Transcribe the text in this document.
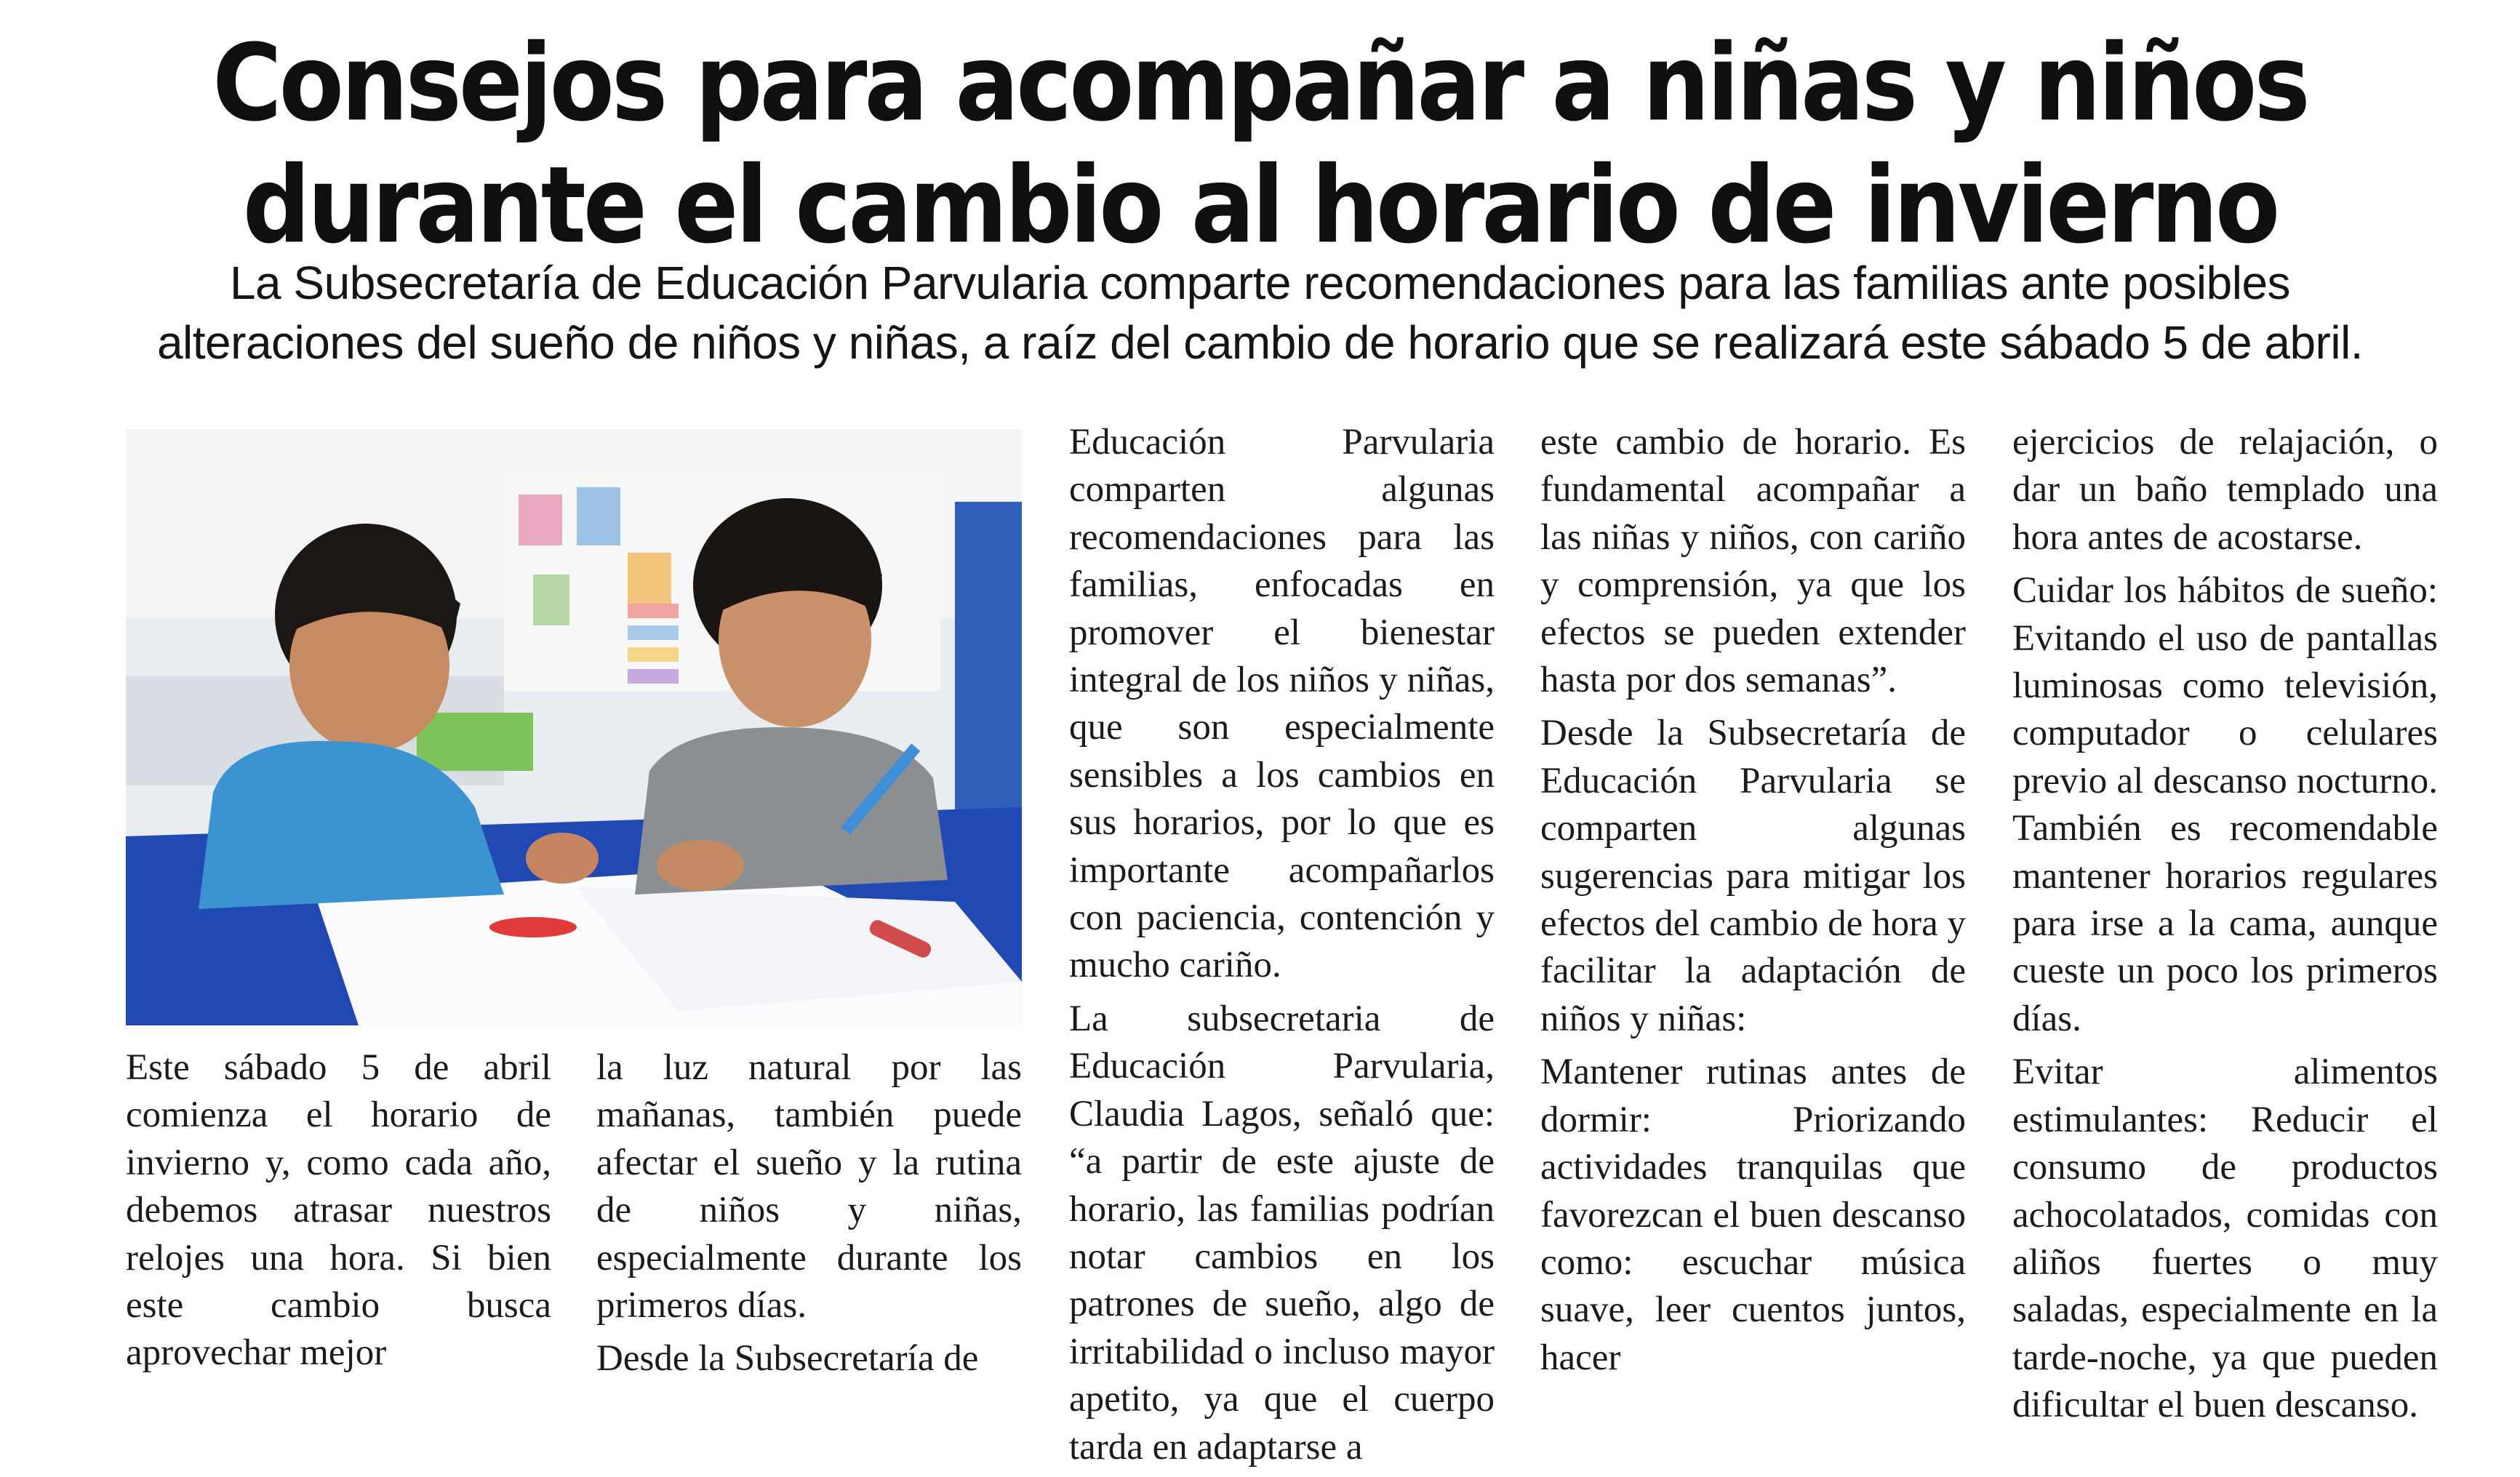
Consejos para acompañar a niñas y niños durante el cambio al horario de invierno

La Subsecretaría de Educación Parvularia comparte recomendaciones para las familias ante posibles alteraciones del sueño de niños y niñas, a raíz del cambio de horario que se realizará este sábado 5 de abril.

Este sábado 5 de abril comienza el horario de invierno y, como cada año, debemos atrasar nuestros relojes una hora. Si bien este cambio busca aprovechar mejor

la luz natural por las mañanas, también puede afectar el sueño y la rutina de niños y niñas, especialmente durante los primeros días.

Desde la Subsecretaría de

Educación Parvularia comparten algunas recomendaciones para las familias, enfocadas en promover el bienestar integral de los niños y niñas, que son especialmente sensibles a los cambios en sus horarios, por lo que es importante acompañarlos con paciencia, contención y mucho cariño.

La subsecretaria de Educación Parvularia, Claudia Lagos, señaló que: “a partir de este ajuste de horario, las familias podrían notar cambios en los patrones de sueño, algo de irritabilidad o incluso mayor apetito, ya que el cuerpo tarda en adaptarse a

este cambio de horario. Es fundamental acompañar a las niñas y niños, con cariño y comprensión, ya que los efectos se pueden extender hasta por dos semanas”.

Desde la Subsecretaría de Educación Parvularia se comparten algunas sugerencias para mitigar los efectos del cambio de hora y facilitar la adaptación de niños y niñas:

Mantener rutinas antes de dormir: Priorizando actividades tranquilas que favorezcan el buen descanso como: escuchar música suave, leer cuentos juntos, hacer

ejercicios de relajación, o dar un baño templado una hora antes de acostarse.

Cuidar los hábitos de sueño: Evitando el uso de pantallas luminosas como televisión, computador o celulares previo al descanso nocturno. También es recomendable mantener horarios regulares para irse a la cama, aunque cueste un poco los primeros días.

Evitar alimentos estimulantes: Reducir el consumo de productos achocolatados, comidas con aliños fuertes o muy saladas, especialmente en la tarde-noche, ya que pueden dificultar el buen descanso.
